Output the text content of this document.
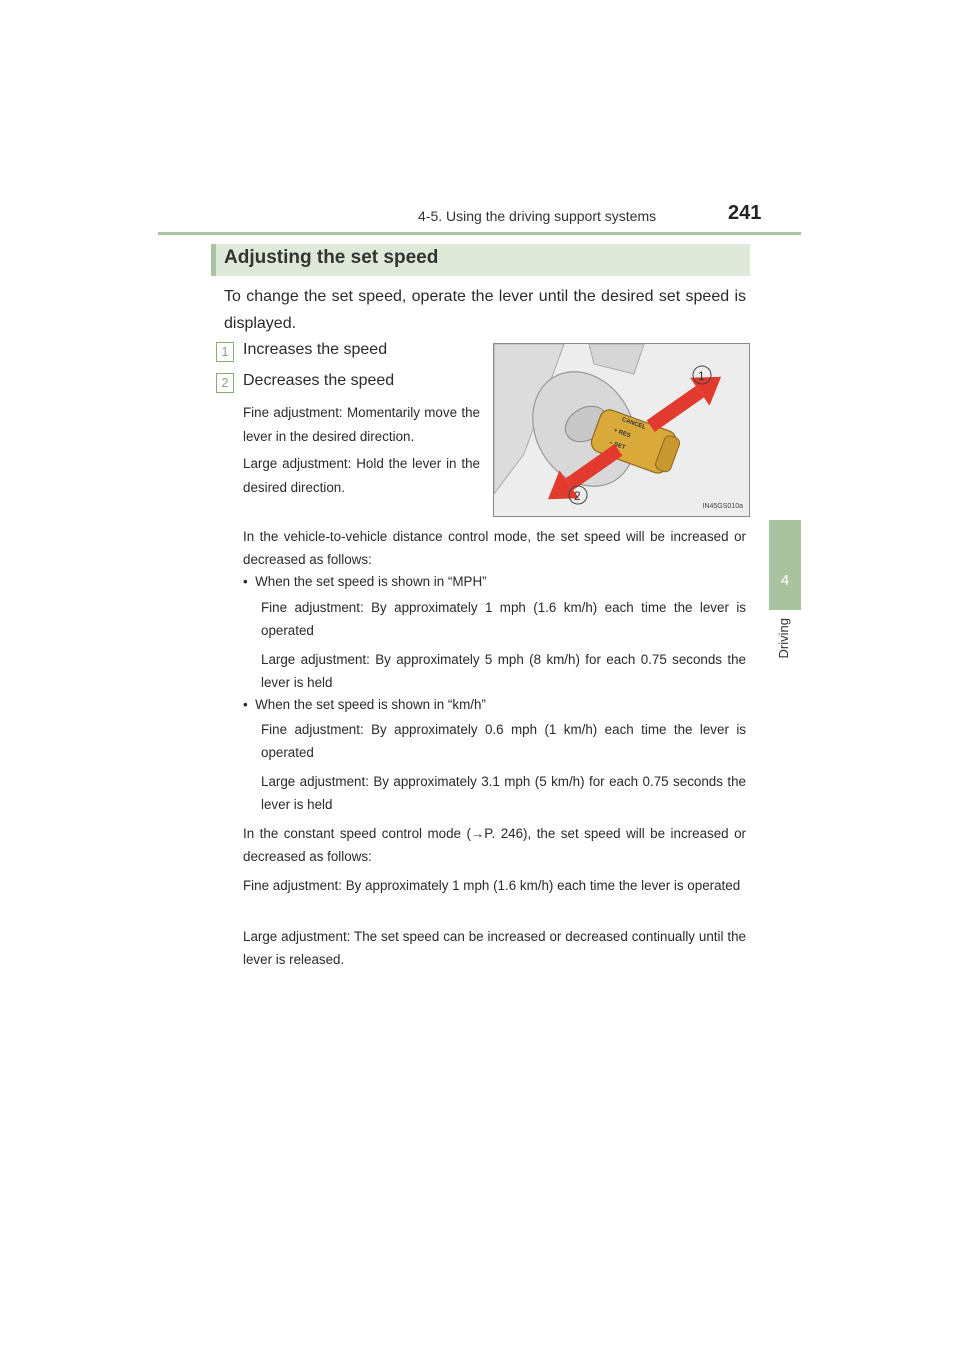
4-5. Using the driving support systems	241
4
Driving
Adjusting the set speed
To change the set speed, operate the lever until the desired set speed is displayed.
1 Increases the speed
2 Decreases the speed
Fine adjustment: Momentarily move the lever in the desired direction.
Large adjustment: Hold the lever in the desired direction.
1
2
CANCEL
+ RES
– SET
IN45GS010a
In the vehicle-to-vehicle distance control mode, the set speed will be increased or decreased as follows:
•  When the set speed is shown in “MPH”
Fine adjustment: By approximately 1 mph (1.6 km/h) each time the lever is operated
Large adjustment: By approximately 5 mph (8 km/h) for each 0.75 seconds the lever is held
•  When the set speed is shown in “km/h”
Fine adjustment: By approximately 0.6 mph (1 km/h) each time the lever is operated
Large adjustment: By approximately 3.1 mph (5 km/h) for each 0.75 seconds the lever is held
In the constant speed control mode (→P. 246), the set speed will be increased or decreased as follows:
Fine adjustment: By approximately 1 mph (1.6 km/h) each time the lever is operated
Large adjustment: The set speed can be increased or decreased continually until the lever is released.
